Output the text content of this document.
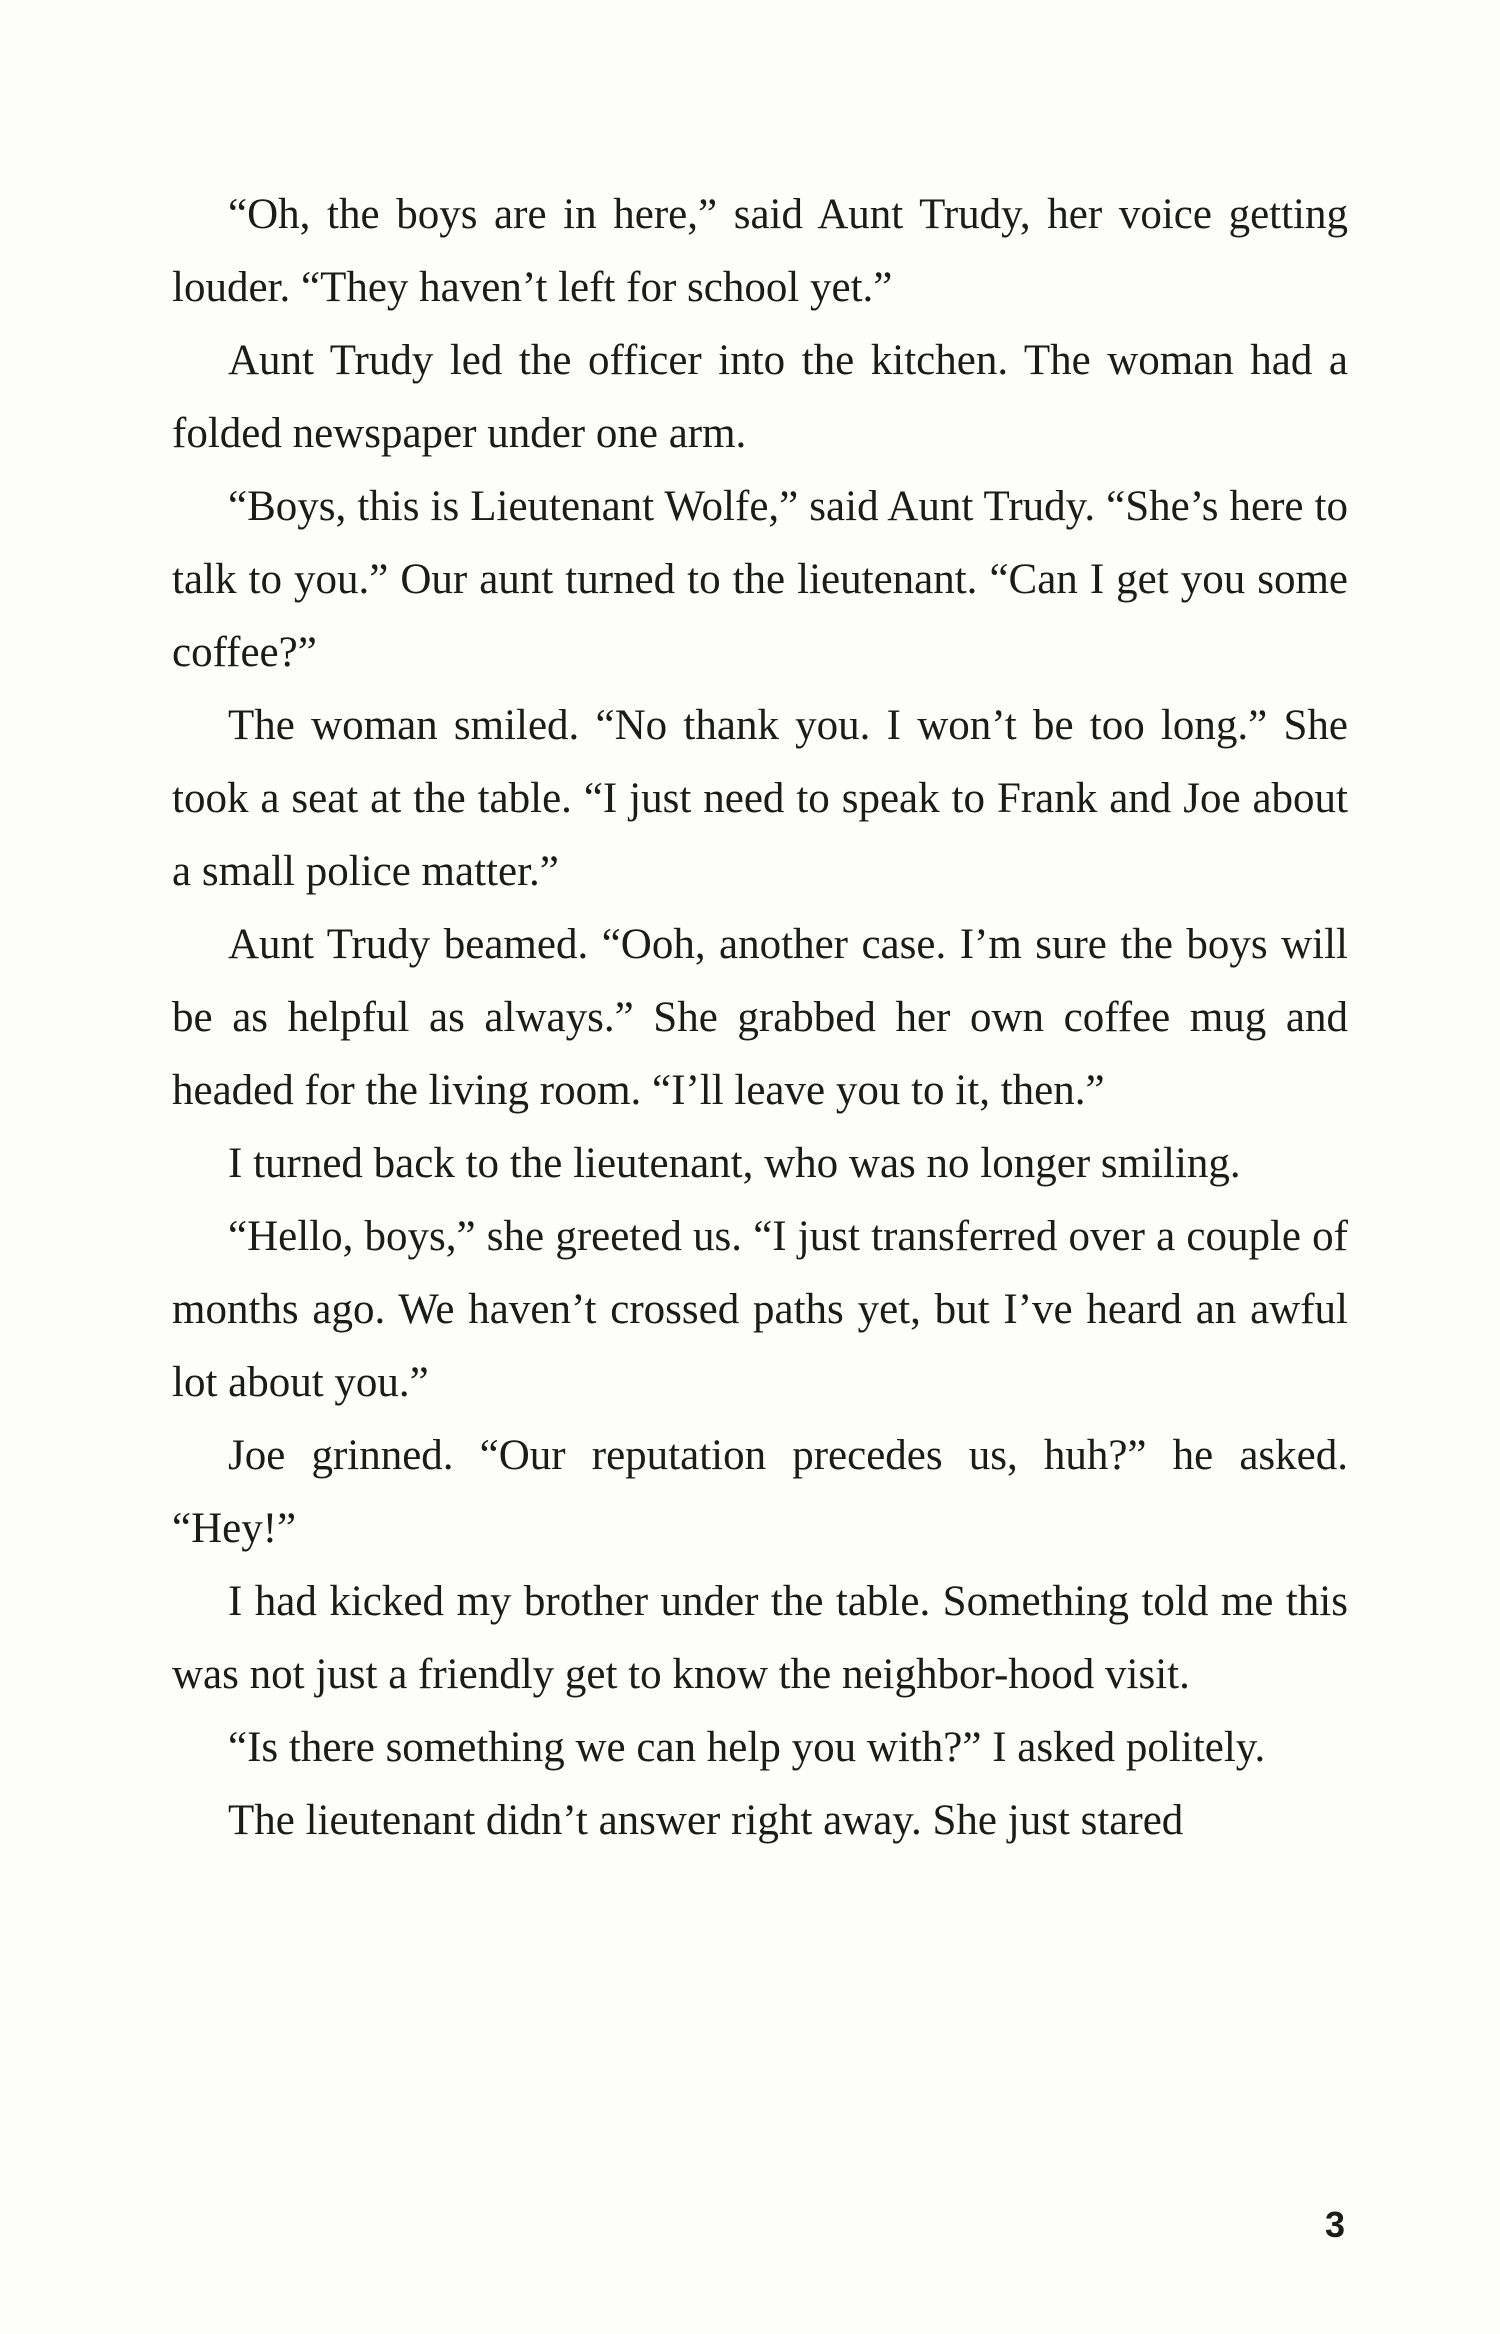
“Oh, the boys are in here,” said Aunt Trudy, her voice getting louder. “They haven’t left for school yet.”

Aunt Trudy led the officer into the kitchen. The woman had a folded newspaper under one arm.

“Boys, this is Lieutenant Wolfe,” said Aunt Trudy. “She’s here to talk to you.” Our aunt turned to the lieutenant. “Can I get you some coffee?”

The woman smiled. “No thank you. I won’t be too long.” She took a seat at the table. “I just need to speak to Frank and Joe about a small police matter.”

Aunt Trudy beamed. “Ooh, another case. I’m sure the boys will be as helpful as always.” She grabbed her own coffee mug and headed for the living room. “I’ll leave you to it, then.”

I turned back to the lieutenant, who was no longer smiling.

“Hello, boys,” she greeted us. “I just transferred over a couple of months ago. We haven’t crossed paths yet, but I’ve heard an awful lot about you.”

Joe grinned. “Our reputation precedes us, huh?” he asked. “Hey!”

I had kicked my brother under the table. Something told me this was not just a friendly get to know the neighbor-hood visit.

“Is there something we can help you with?” I asked politely.

The lieutenant didn’t answer right away. She just stared

3
